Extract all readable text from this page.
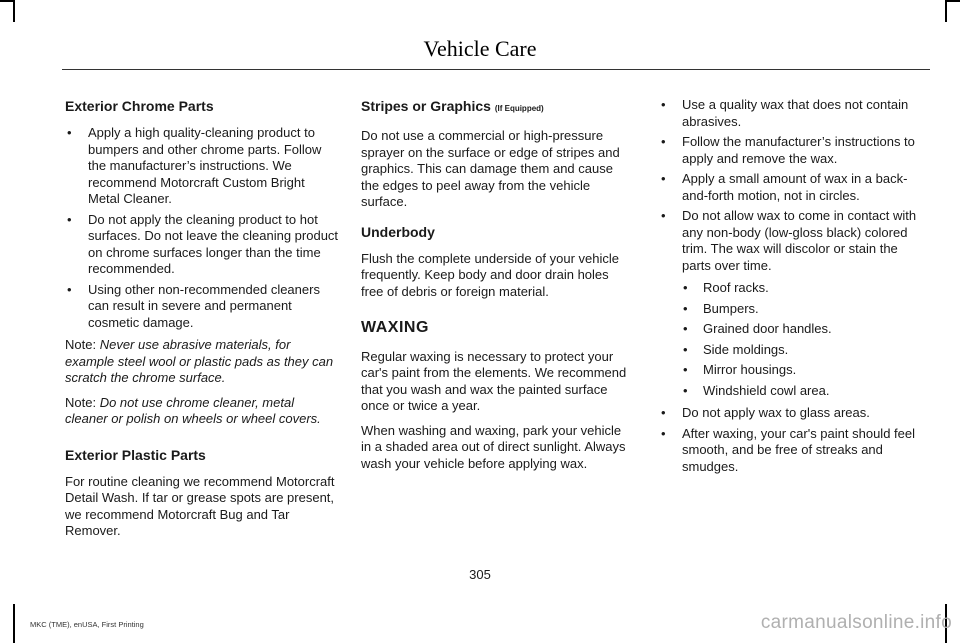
Vehicle Care
Exterior Chrome Parts
• Apply a high quality-cleaning product to bumpers and other chrome parts. Follow the manufacturer’s instructions. We recommend Motorcraft Custom Bright Metal Cleaner.
• Do not apply the cleaning product to hot surfaces. Do not leave the cleaning product on chrome surfaces longer than the time recommended.
• Using other non-recommended cleaners can result in severe and permanent cosmetic damage.

Note: Never use abrasive materials, for example steel wool or plastic pads as they can scratch the chrome surface.

Note: Do not use chrome cleaner, metal cleaner or polish on wheels or wheel covers.

Exterior Plastic Parts

For routine cleaning we recommend Motorcraft Detail Wash. If tar or grease spots are present, we recommend Motorcraft Bug and Tar Remover.

Stripes or Graphics (If Equipped)

Do not use a commercial or high-pressure sprayer on the surface or edge of stripes and graphics. This can damage them and cause the edges to peel away from the vehicle surface.

Underbody

Flush the complete underside of your vehicle frequently. Keep body and door drain holes free of debris or foreign material.

WAXING

Regular waxing is necessary to protect your car's paint from the elements. We recommend that you wash and wax the painted surface once or twice a year.

When washing and waxing, park your vehicle in a shaded area out of direct sunlight. Always wash your vehicle before applying wax.

• Use a quality wax that does not contain abrasives.
• Follow the manufacturer’s instructions to apply and remove the wax.
• Apply a small amount of wax in a back-and-forth motion, not in circles.
• Do not allow wax to come in contact with any non-body (low-gloss black) colored trim. The wax will discolor or stain the parts over time.
• Roof racks.
• Bumpers.
• Grained door handles.
• Side moldings.
• Mirror housings.
• Windshield cowl area.
• Do not apply wax to glass areas.
• After waxing, your car's paint should feel smooth, and be free of streaks and smudges.
305
MKC (TME), enUSA, First Printing	carmanualsonline.info
